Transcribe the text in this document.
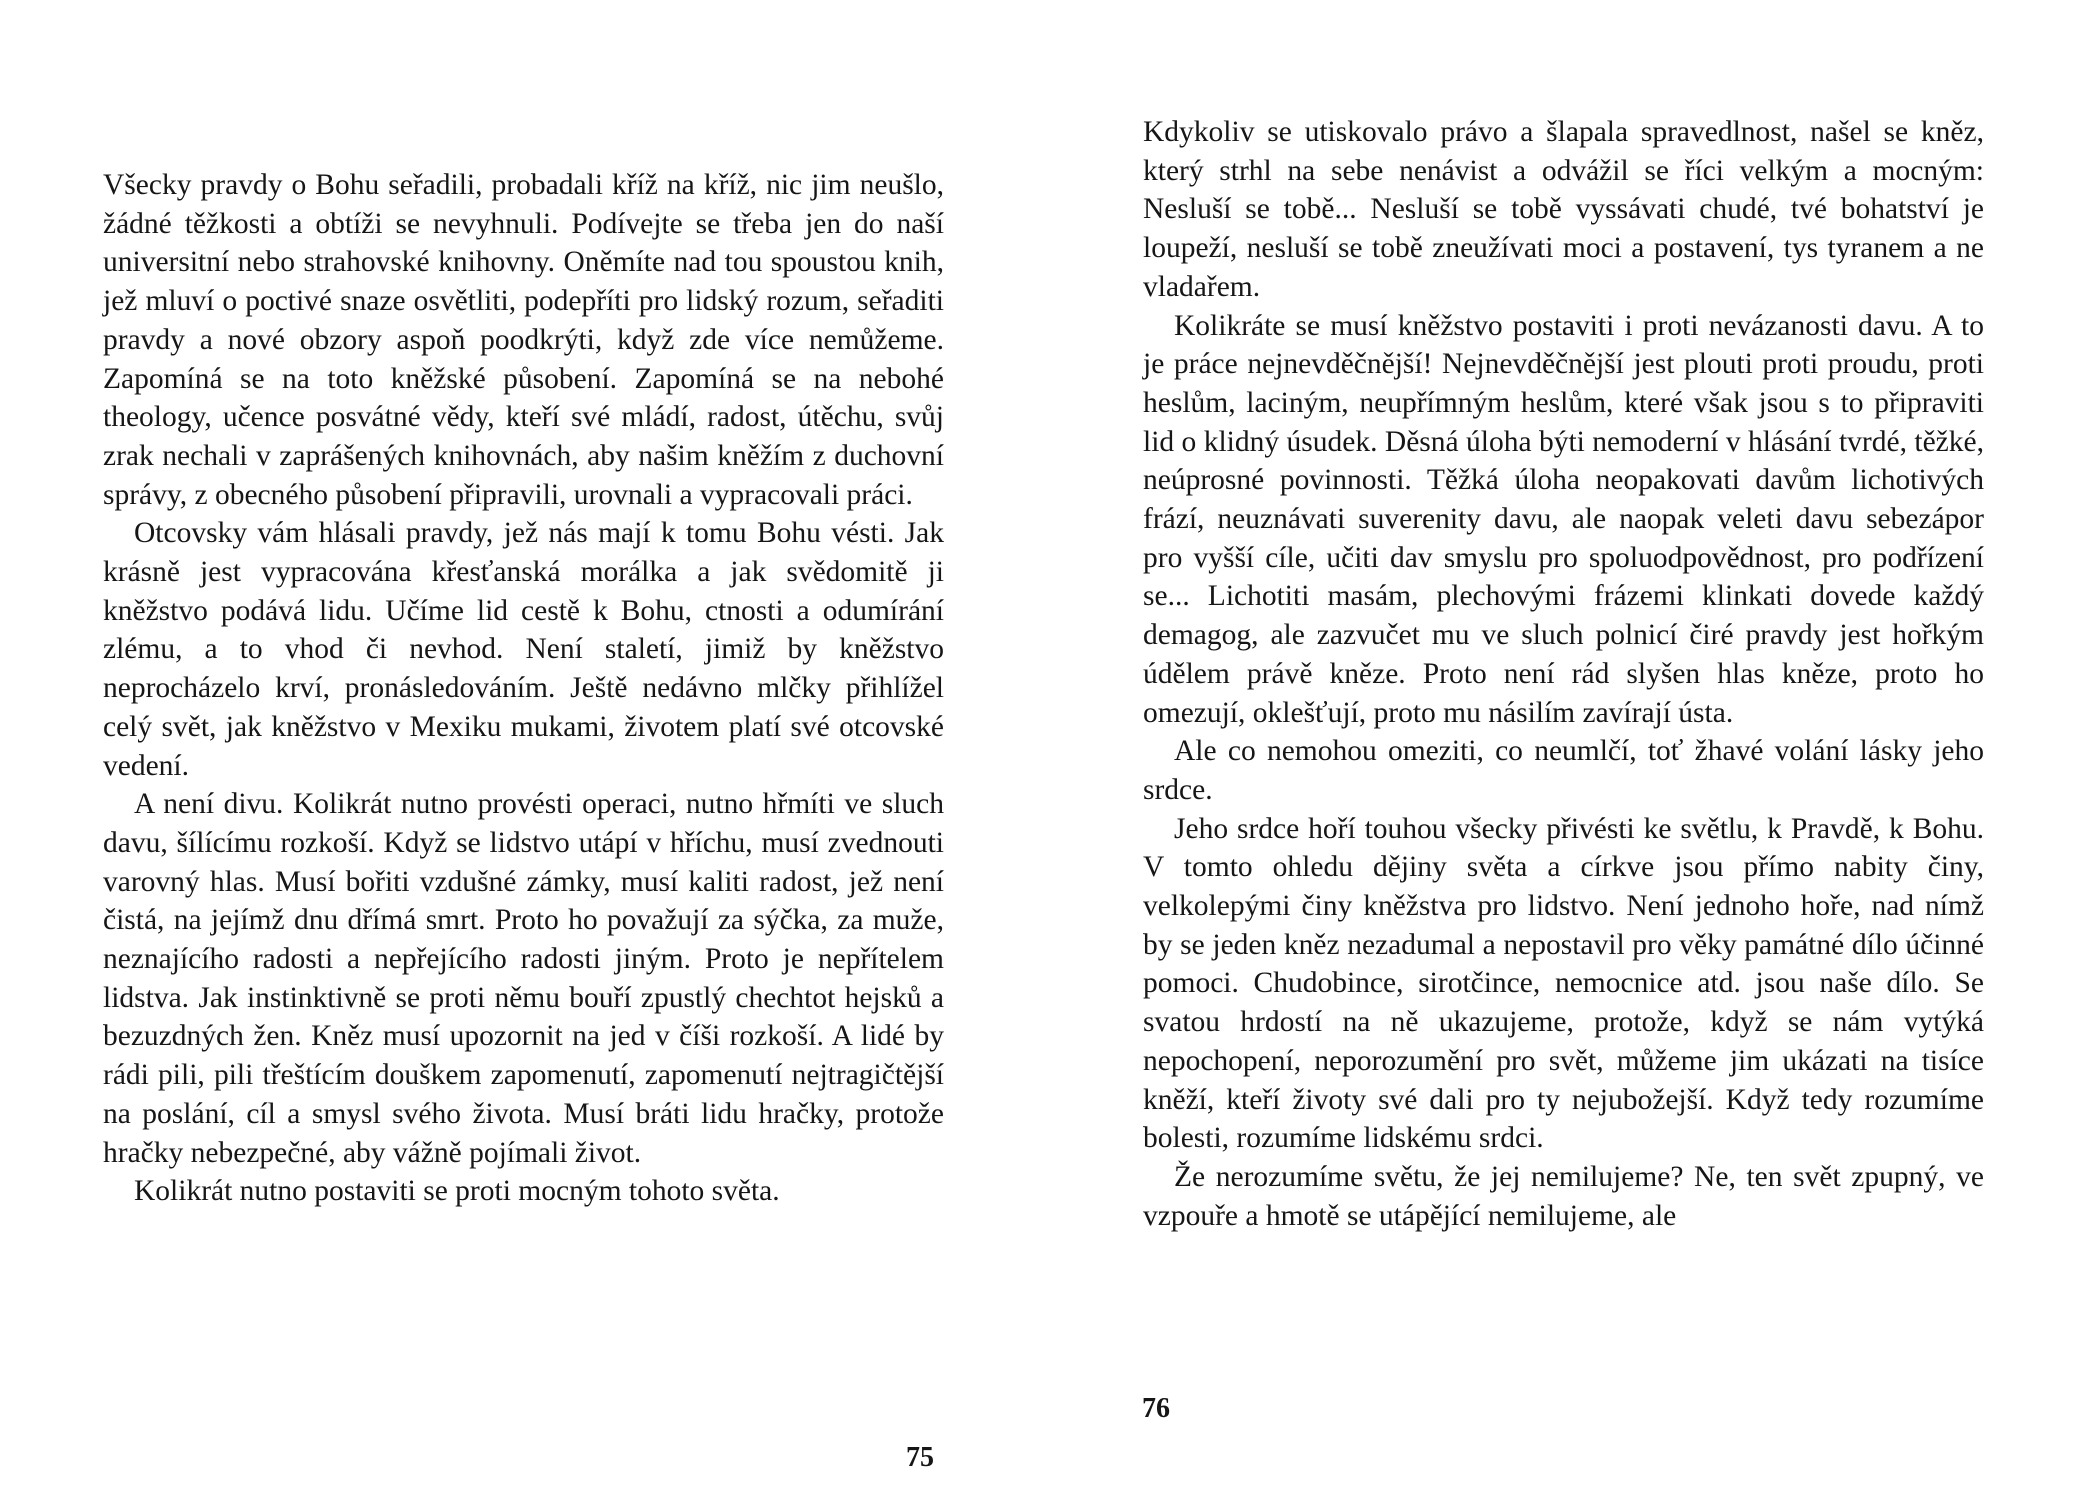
Všecky pravdy o Bohu seřadili, probadali kříž na kříž, nic jim neušlo, žádné těžkosti a obtíži se nevyhnuli. Podívejte se třeba jen do naší universitní nebo strahovské knihovny. Oněmíte nad tou spoustou knih, jež mluví o poctivé snaze osvětliti, podepříti pro lidský rozum, seřaditi pravdy a nové obzory aspoň poodkrýti, když zde více nemůžeme. Zapomíná se na toto kněžské působení. Zapomíná se na nebohé theology, učence posvátné vědy, kteří své mládí, radost, útěchu, svůj zrak nechali v zaprášených knihovnách, aby našim kněžím z duchovní správy, z obecného působení připravili, urovnali a vypracovali práci.

Otcovsky vám hlásali pravdy, jež nás mají k tomu Bohu vésti. Jak krásně jest vypracována křesťanská morálka a jak svědomitě ji kněžstvo podává lidu. Učíme lid cestě k Bohu, ctnosti a odumírání zlému, a to vhod či nevhod. Není staletí, jimiž by kněžstvo neprocházelo krví, pronásledováním. Ještě nedávno mlčky přihlížel celý svět, jak kněžstvo v Mexiku mukami, životem platí své otcovské vedení.

A není divu. Kolikrát nutno provésti operaci, nutno hřmíti ve sluch davu, šílícímu rozkoší. Když se lidstvo utápí v hříchu, musí zvednouti varovný hlas. Musí bořiti vzdušné zámky, musí kaliti radost, jež není čistá, na jejímž dnu dřímá smrt. Proto ho považují za sýčka, za muže, neznajícího radosti a nepřejícího radosti jiným. Proto je nepřítelem lidstva. Jak instinktivně se proti němu bouří zpustlý chechtot hejsků a bezuzdných žen. Kněz musí upozornit na jed v číši rozkoší. A lidé by rádi pili, pili třeštícím douškem zapomenutí, zapomenutí nejtragičtější na poslání, cíl a smysl svého života. Musí bráti lidu hračky, protože hračky nebezpečné, aby vážně pojímali život.

Kolikrát nutno postaviti se proti mocným tohoto světa.

75

Kdykoliv se utiskovalo právo a šlapala spravedlnost, našel se kněz, který strhl na sebe nenávist a odvážil se říci velkým a mocným: Nesluší se tobě... Nesluší se tobě vyssávati chudé, tvé bohatství je loupeží, nesluší se tobě zneužívati moci a postavení, tys tyranem a ne vladařem.

Kolikráte se musí kněžstvo postaviti i proti nevázanosti davu. A to je práce nejnevděčnější! Nejnevděčnější jest plouti proti proudu, proti heslům, laciným, neupřímným heslům, které však jsou s to připraviti lid o klidný úsudek. Děsná úloha býti nemoderní v hlásání tvrdé, těžké, neúprosné povinnosti. Těžká úloha neopakovati davům lichotivých frází, neuznávati suverenity davu, ale naopak veleti davu sebezápor pro vyšší cíle, učiti dav smyslu pro spoluodpovědnost, pro podřízení se... Lichotiti masám, plechovými frázemi klinkati dovede každý demagog, ale zazvučet mu ve sluch polnicí čiré pravdy jest hořkým údělem právě kněze. Proto není rád slyšen hlas kněze, proto ho omezují, oklešťují, proto mu násilím zavírají ústa.

Ale co nemohou omeziti, co neumlčí, toť žhavé volání lásky jeho srdce.

Jeho srdce hoří touhou všecky přivésti ke světlu, k Pravdě, k Bohu. V tomto ohledu dějiny světa a církve jsou přímo nabity činy, velkolepými činy kněžstva pro lidstvo. Není jednoho hoře, nad nímž by se jeden kněz nezadumal a nepostavil pro věky památné dílo účinné pomoci. Chudobince, sirotčince, nemocnice atd. jsou naše dílo. Se svatou hrdostí na ně ukazujeme, protože, když se nám vytýká nepochopení, neporozumění pro svět, můžeme jim ukázati na tisíce kněží, kteří životy své dali pro ty nejubožejší. Když tedy rozumíme bolesti, rozumíme lidskému srdci.

Že nerozumíme světu, že jej nemilujeme? Ne, ten svět zpupný, ve vzpouře a hmotě se utápějící nemilujeme, ale

76
